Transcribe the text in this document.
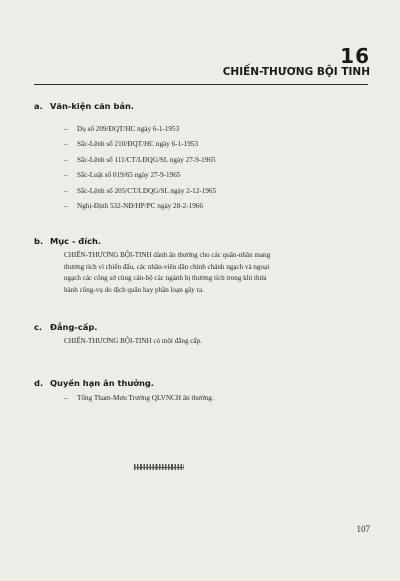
16
CHIẾN-THƯƠNG BỘI TINH
a. Văn-kiện căn bản.
– Dụ số 209/ĐQT/HC ngày 6-1-1953
– Sắc-Lệnh số 210/ĐQT/HC ngày 6-1-1953
– Sắc-Lệnh số 111/CT/LĐQG/SL ngày 27-9-1965
– Sắc-Luật số 019/65 ngày 27-9-1965
– Sắc-Lệnh số 205/CT/LĐQG/SL ngày 2-12-1965
– Nghị-Định 532-NĐ/HP/PC ngày 28-2-1966
b. Mục - đích.
CHIẾN-THƯƠNG BỘI-TINH dành ân thưởng cho các quân-nhân mang
thương tích vì chiến đấu, các nhân-viên dân chính chánh ngạch và ngoại
ngạch các công sở cùng cán-bộ các ngành bị thương tích trong khi thừa
hành công-vụ do địch quân hay phần loạn gây ra.
c. Đẳng-cấp.
CHIẾN-THƯƠNG BỘI-TINH có một đẳng cấp.
d. Quyền hạn ân thưởng.
– Tổng Tham-Mưu Trưởng QLVNCH ân thưởng.
107
